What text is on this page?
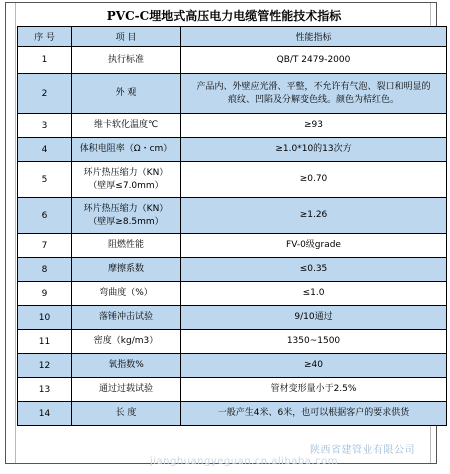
PVC-C埋地式高压电力电缆管性能技术指标
序 号	项 目	性能指标
1	执行标准	QB/T 2479-2000

2	外 观	产品内、外壁应光滑、平整，不允许有气泡、裂口和明显的
痕纹、凹陷及分解变色线。颜色为桔红色。

3	维卡软化温度℃	≥93

4	体积电阻率（Ω・cm）	≥1.0*10的13次方

5	环片热压缩力（KN）
（壁厚≤7.0mm）	≥0.70

6	环片热压缩力（KN）
（壁厚≥8.5mm）	≥1.26

7	阻燃性能	FV-0级grade

8	摩擦系数	≤0.35

9	弯曲度（%）	≤1.0

10	落锤冲击试验	9/10通过

11	密度（kg/m3）	1350~1500

12	氧指数%	≥40

13	通过过载试验	管材变形量小于2.5%

14	长 度	一般产生4米、6米，也可以根据客户的要求供货
陕西省建管业有限公司
jianghuangyeguan.cn.alibaba.com
